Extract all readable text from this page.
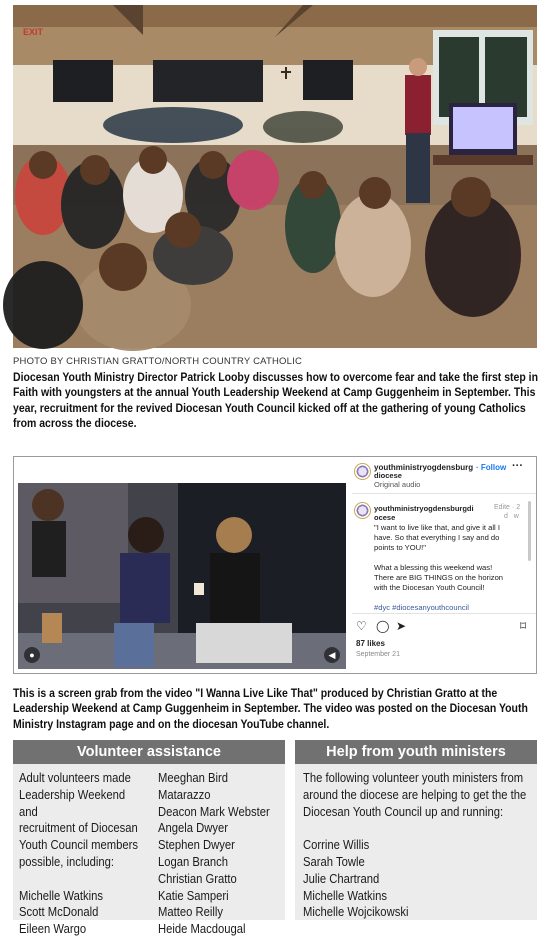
EXIT
PHOTO BY CHRISTIAN GRATTO/NORTH COUNTRY CATHOLIC
Diocesan Youth Ministry Director Patrick Looby discusses how to overcome fear and take the first step in Faith with youngsters at the annual Youth Leadership Weekend at Camp Guggenheim in September. This year, recruitment for the revived Diocesan Youth Council kicked off at the gathering of young Catholics from across the diocese.
●	◀
youthministryogdensburg · Follow ···
diocese
Original audio
youthministryogdensburgdi	Edite · 2
ocese	d w

"I want to live like that, and give it all I have. So that everything I say and do points to YOU!"

What a blessing this weekend was! There are BIG THINGS on the horizon with the Diocesan Youth Council!

#dyc #diocesanyouthcouncil

♡ ◯ ➤	⌑
87 likes
September 21
This is a screen grab from the video "I Wanna Live Like That" produced by Christian Gratto at the Leadership Weekend at Camp Guggenheim in September. The video was posted on the Diocesan Youth Ministry Instagram page and on the diocesan YouTube channel.
Volunteer assistance
Adult volunteers made
Leadership Weekend and
recruitment of Diocesan
Youth Council members
possible, including:
Michelle Watkins
Scott McDonald
Eileen Wargo
Meeghan Bird Matarazzo
Deacon Mark Webster
Angela Dwyer
Stephen Dwyer
Logan Branch
Christian Gratto
Katie Samperi
Matteo Reilly
Heide Macdougal
Help from youth ministers
The following volunteer youth ministers from
around the diocese are helping to get the the
Diocesan Youth Council up and running:
Corrine Willis
Sarah Towle
Julie Chartrand
Michelle Watkins
Michelle Wojcikowski
